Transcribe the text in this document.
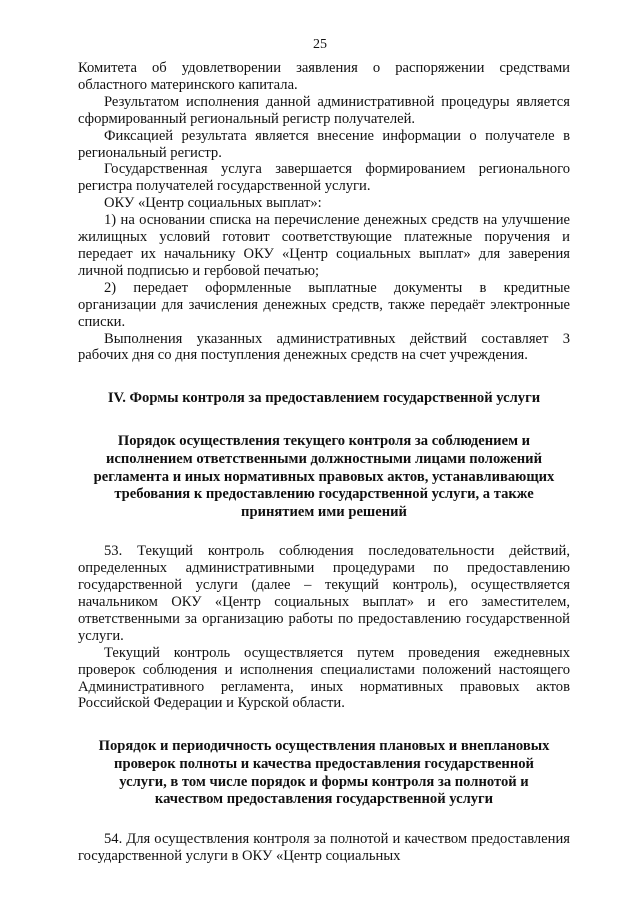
25

Комитета об удовлетворении заявления о распоряжении средствами областного материнского капитала.

Результатом исполнения данной административной процедуры является сформированный региональный регистр получателей.

Фиксацией результата является внесение информации о получателе в региональный регистр.

Государственная услуга завершается формированием регионального регистра получателей государственной услуги.

ОКУ «Центр социальных выплат»:

1) на основании списка на перечисление денежных средств на улучшение жилищных условий готовит соответствующие платежные поручения и передает их начальнику ОКУ «Центр социальных выплат» для заверения личной подписью и гербовой печатью;

2) передает оформленные выплатные документы в кредитные организации для зачисления денежных средств, также передаёт электронные списки.

Выполнения указанных административных действий составляет 3 рабочих дня со дня поступления денежных средств на счет учреждения.

IV. Формы контроля за предоставлением государственной услуги
Порядок осуществления текущего контроля за соблюдением и исполнением ответственными должностными лицами положений регламента и иных нормативных правовых актов, устанавливающих требования к предоставлению государственной услуги, а также принятием ими решений

53. Текущий контроль соблюдения последовательности действий, определенных административными процедурами по предоставлению государственной услуги (далее – текущий контроль), осуществляется начальником ОКУ «Центр социальных выплат» и его заместителем, ответственными за организацию работы по предоставлению государственной услуги.

Текущий контроль осуществляется путем проведения ежедневных проверок соблюдения и исполнения специалистами положений настоящего Административного регламента, иных нормативных правовых актов Российской Федерации и Курской области.

Порядок и периодичность осуществления плановых и внеплановых проверок полноты и качества предоставления государственной услуги, в том числе порядок и формы контроля за полнотой и качеством предоставления государственной услуги

54. Для осуществления контроля за полнотой и качеством предоставления государственной услуги в ОКУ «Центр социальных
